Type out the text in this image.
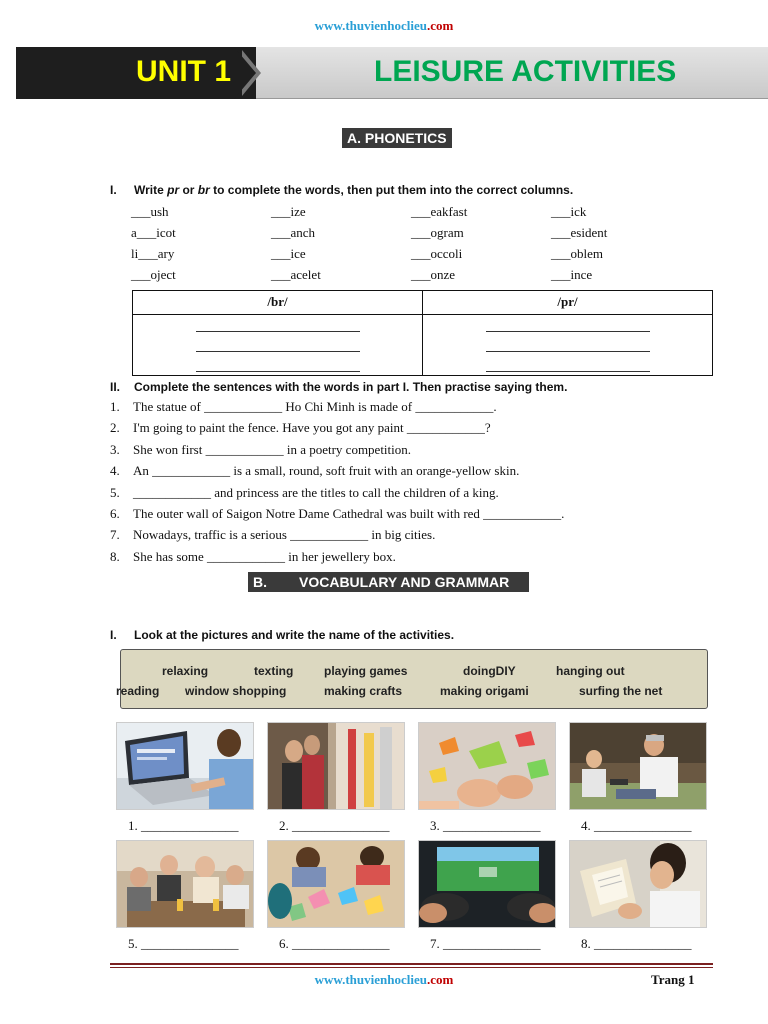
www.thuvienhoclieu.com
UNIT 1	LEISURE ACTIVITIES
A. PHONETICS
I. Write pr or br to complete the words, then put them into the correct columns.
___ush	___ize	___eakfast	___ick
a___icot	___anch	___ogram	___esident
li___ary	___ice	___occoli	___oblem
___oject	___acelet	___onze	___ince
/br/	/pr/
II. Complete the sentences with the words in part I. Then practise saying them.
1. The statue of ____________ Ho Chi Minh is made of ____________.
2. I'm going to paint the fence. Have you got any paint ____________?
3. She won first ____________ in a poetry competition.
4. An ____________ is a small, round, soft fruit with an orange-yellow skin.
5. ____________ and princess are the titles to call the children of a king.
6. The outer wall of Saigon Notre Dame Cathedral was built with red ____________.
7. Nowadays, traffic is a serious ____________ in big cities.
8. She has some ____________ in her jewellery box.
B. VOCABULARY AND GRAMMAR
I. Look at the pictures and write the name of the activities.
relaxing	texting	playing games	doingDIY	hanging out
reading window shopping	making crafts	making origami	surfing the net
1. _______________	2. _______________	3. _______________	4. _______________
5. _______________	6. _______________	7. _______________	8. _______________
www.thuvienhoclieu.com	Trang 1
